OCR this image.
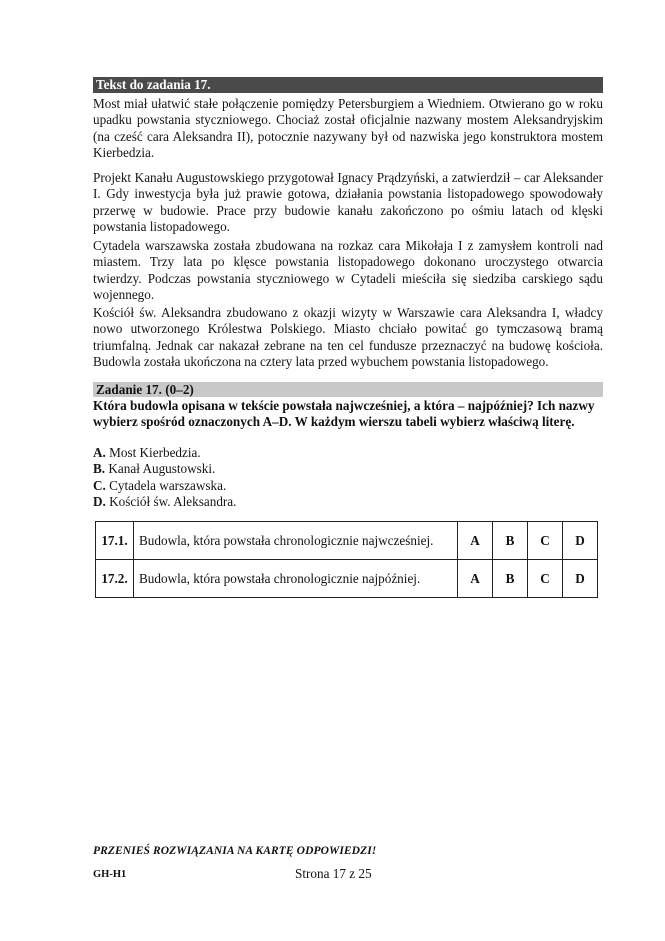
Tekst do zadania 17.

Most miał ułatwić stałe połączenie pomiędzy Petersburgiem a Wiedniem. Otwierano go w roku upadku powstania styczniowego. Chociaż został oficjalnie nazwany mostem Aleksandryjskim (na cześć cara Aleksandra II), potocznie nazywany był od nazwiska jego konstruktora mostem Kierbedzia.

Projekt Kanału Augustowskiego przygotował Ignacy Prądzyński, a zatwierdził – car Aleksander I. Gdy inwestycja była już prawie gotowa, działania powstania listopadowego spowodowały przerwę w budowie. Prace przy budowie kanału zakończono po ośmiu latach od klęski powstania listopadowego.

Cytadela warszawska została zbudowana na rozkaz cara Mikołaja I z zamysłem kontroli nad miastem. Trzy lata po klęsce powstania listopadowego dokonano uroczystego otwarcia twierdzy. Podczas powstania styczniowego w Cytadeli mieściła się siedziba carskiego sądu wojennego.

Kościół św. Aleksandra zbudowano z okazji wizyty w Warszawie cara Aleksandra I, władcy nowo utworzonego Królestwa Polskiego. Miasto chciało powitać go tymczasową bramą triumfalną. Jednak car nakazał zebrane na ten cel fundusze przeznaczyć na budowę kościoła. Budowla została ukończona na cztery lata przed wybuchem powstania listopadowego.

Zadanie 17. (0–2)

Która budowla opisana w tekście powstała najwcześniej, a która – najpóźniej? Ich nazwy wybierz spośród oznaczonych A–D. W każdym wierszu tabeli wybierz właściwą literę.

A. Most Kierbedzia.
B. Kanał Augustowski.
C. Cytadela warszawska.
D. Kościół św. Aleksandra.
17.1.	Budowla, która powstała chronologicznie najwcześniej.	A	B	C	D
17.2.	Budowla, która powstała chronologicznie najpóźniej.	A	B	C	D
PRZENIEŚ ROZWIĄZANIA NA KARTĘ ODPOWIEDZI!
GH-H1	Strona 17 z 25
